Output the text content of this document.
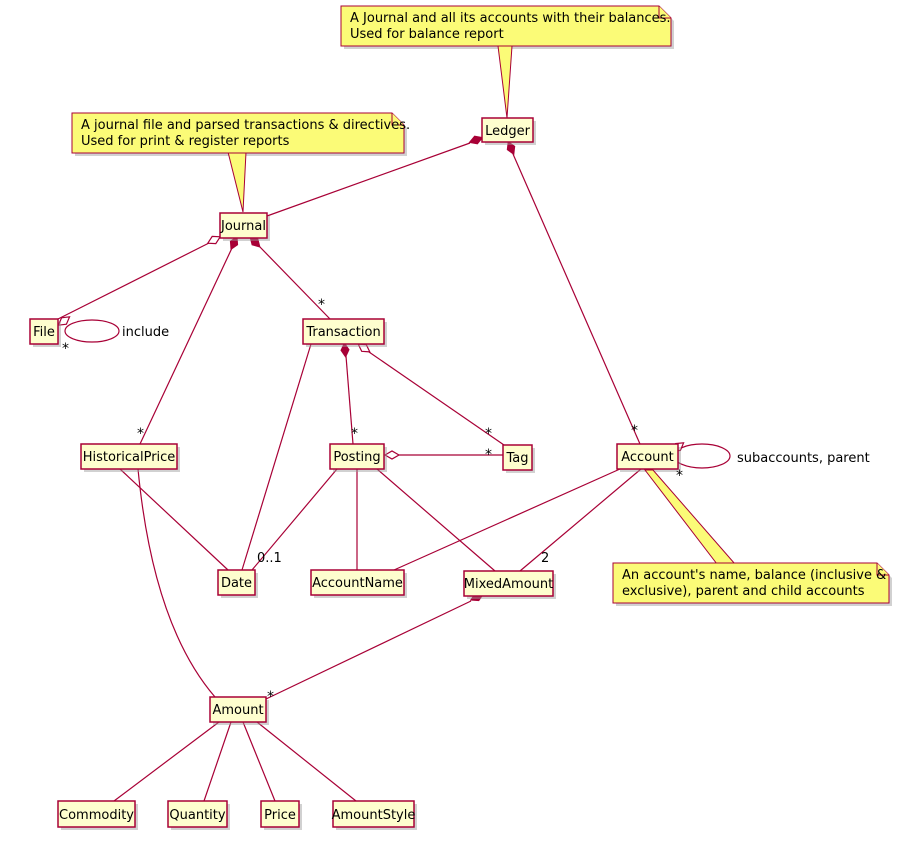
Ledger
Journal
File	Transaction
HistoricalPrice	Posting	Tag	Account
Date	AccountName	MixedAmount
Amount
Commodity	Quantity	Price	AmountStyle
*
*
*
*	*
*
*
*
*
0..1	2
include
subaccounts, parent
A Journal and all its accounts with their balances.
Used for balance report
A journal file and parsed transactions & directives.
Used for print & register reports
An account's name, balance (inclusive &
exclusive), parent and child accounts
